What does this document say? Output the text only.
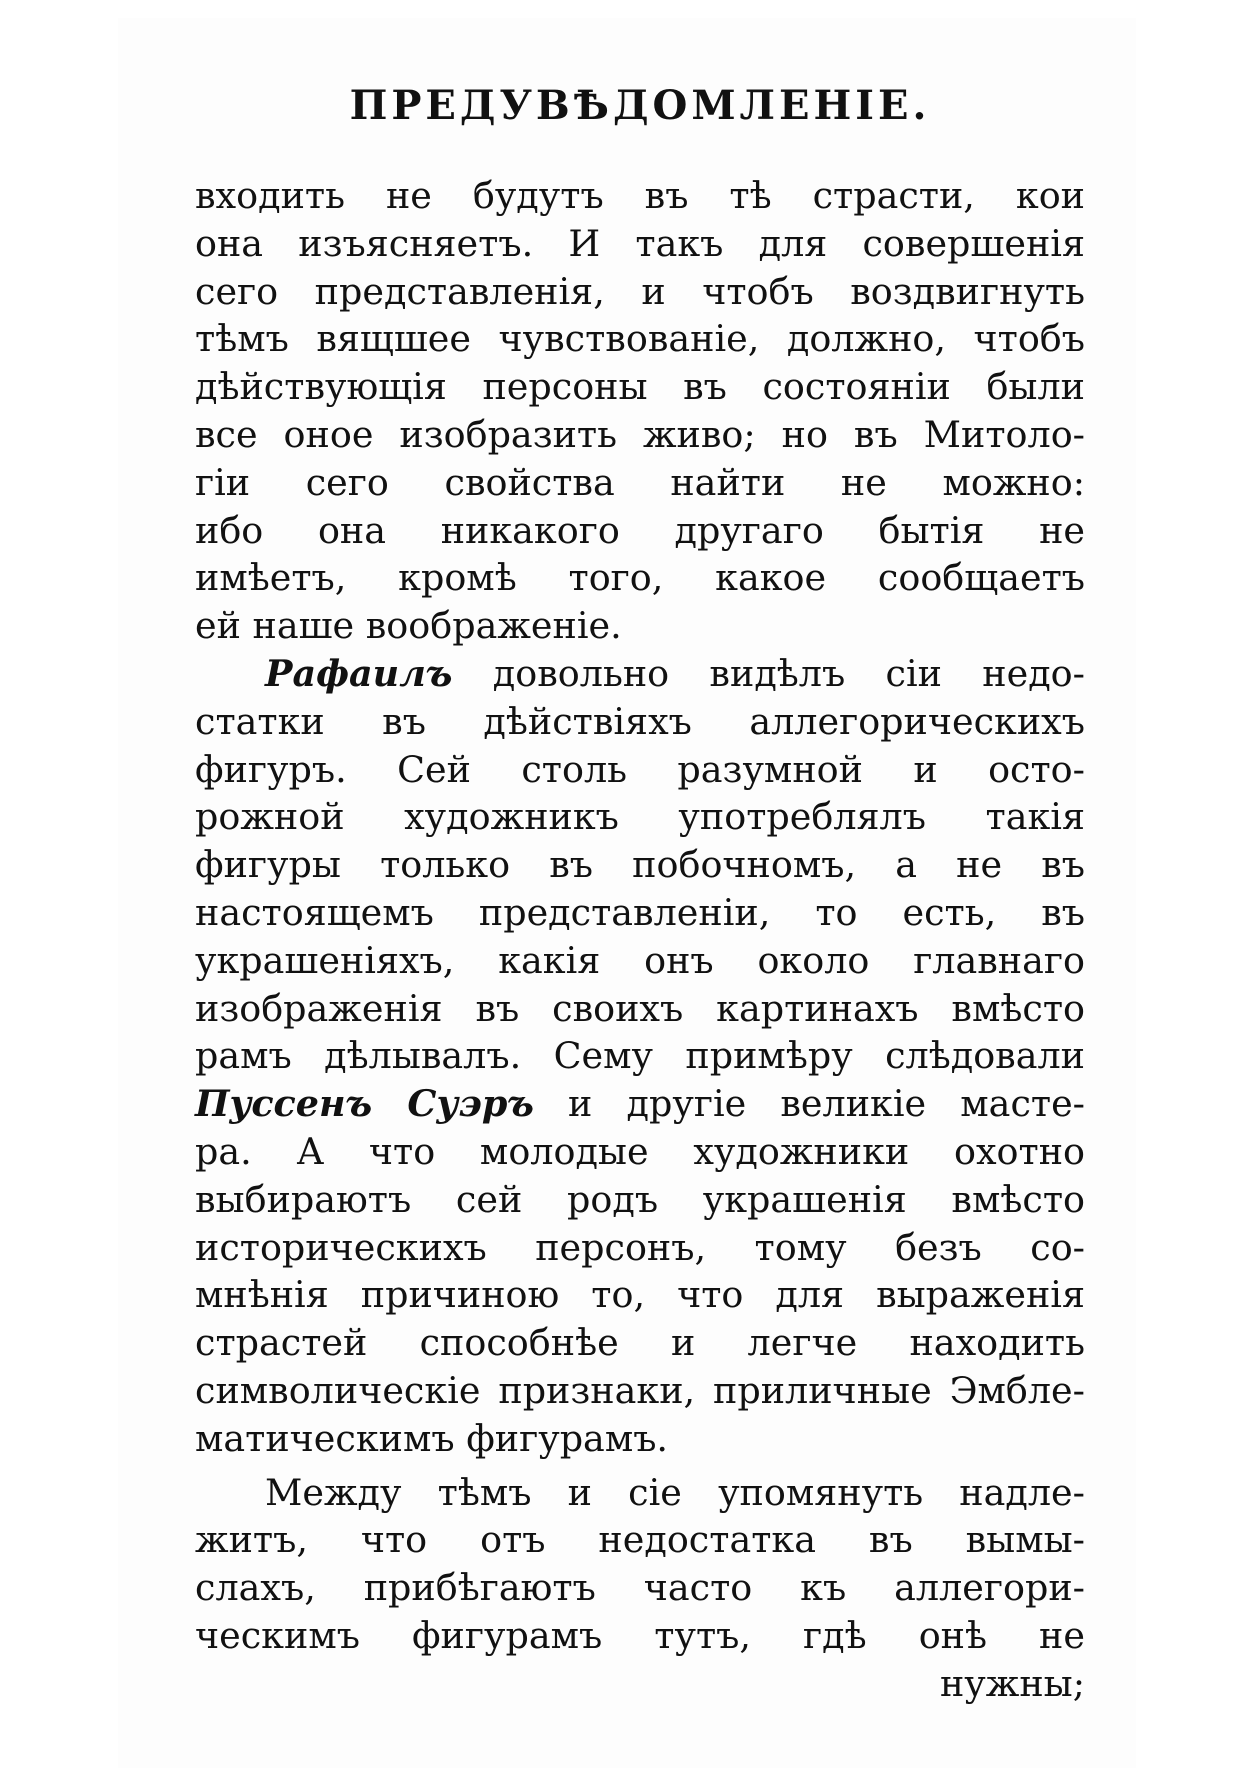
ПРЕДУВѢДОМЛЕНIЕ.
входить не будутъ въ тѣ страсти, кои
она изъясняетъ. И такъ для совершенія
сего представленія, и чтобъ воздвигнуть
тѣмъ вящшее чувствованіе, должно, чтобъ
дѣйствующія персоны въ состояніи были
все оное изобразить живо; но въ Митоло-
гіи сего свойства найти не можно:
ибо она никакого другаго бытія не
имѣетъ, кромѣ того, какое сообщаетъ
ей наше воображеніе.
Рафаилъ довольно видѣлъ сіи недо-
статки въ дѣйствіяхъ аллегорическихъ
фигуръ. Сей столь разумной и осто-
рожной художникъ употреблялъ такія
фигуры только въ побочномъ, а не въ
настоящемъ представленіи, то есть, въ
украшеніяхъ, какія онъ около главнаго
изображенія въ своихъ картинахъ вмѣсто
рамъ дѣлывалъ. Сему примѣру слѣдовали
Пуссенъ Суэръ и другіе великіе масте-
ра. А что молодые художники охотно
выбираютъ сей родъ украшенія вмѣсто
историческихъ персонъ, тому безъ со-
мнѣнія причиною то, что для выраженія
страстей способнѣе и легче находить
символическіе признаки, приличные Эмбле-
матическимъ фигурамъ.
Между тѣмъ и сіе упомянуть надле-
житъ, что отъ недостатка въ вымы-
слахъ, прибѣгаютъ часто къ аллегори-
ческимъ фигурамъ тутъ, гдѣ онѣ не
нужны;
